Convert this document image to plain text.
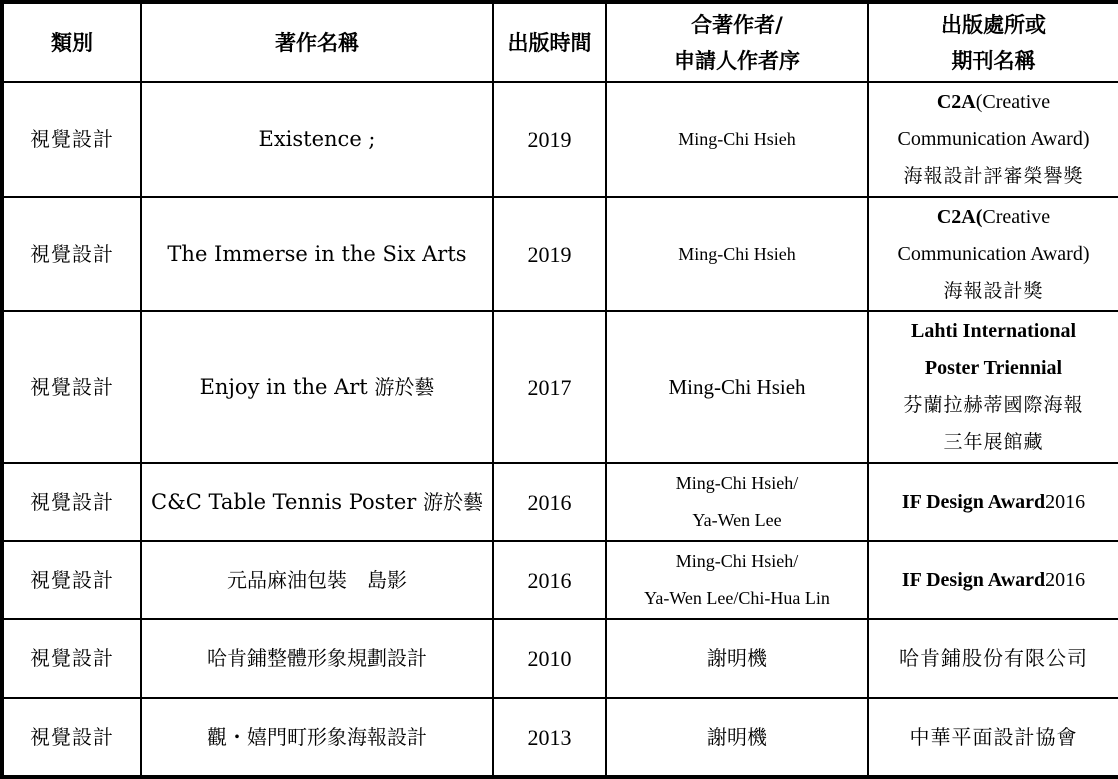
類別	著作名稱	出版時間	合著作者/
申請人作者序	出版處所或
期刊名稱

視覺設計	Existence ;	2019	Ming-Chi Hsieh	C2A(Creative
Communication Award)
海報設計評審榮譽獎

視覺設計	The Immerse in the Six Arts	2019	Ming-Chi Hsieh	C2A(Creative
Communication Award)
海報設計獎

視覺設計	Enjoy in the Art 游於藝	2017	Ming-Chi Hsieh	Lahti International
Poster Triennial
芬蘭拉赫蒂國際海報
三年展館藏

視覺設計	C&C Table Tennis Poster 游於藝	2016	Ming-Chi Hsieh/
Ya-Wen Lee	IF Design Award2016
視覺設計	元品麻油包裝　島影	2016	Ming-Chi Hsieh/
Ya-Wen Lee/Chi-Hua Lin	IF Design Award2016
視覺設計	哈肯鋪整體形象規劃設計	2010	謝明機	哈肯鋪股份有限公司
視覺設計	觀・嬉門町形象海報設計	2013	謝明機	中華平面設計協會
